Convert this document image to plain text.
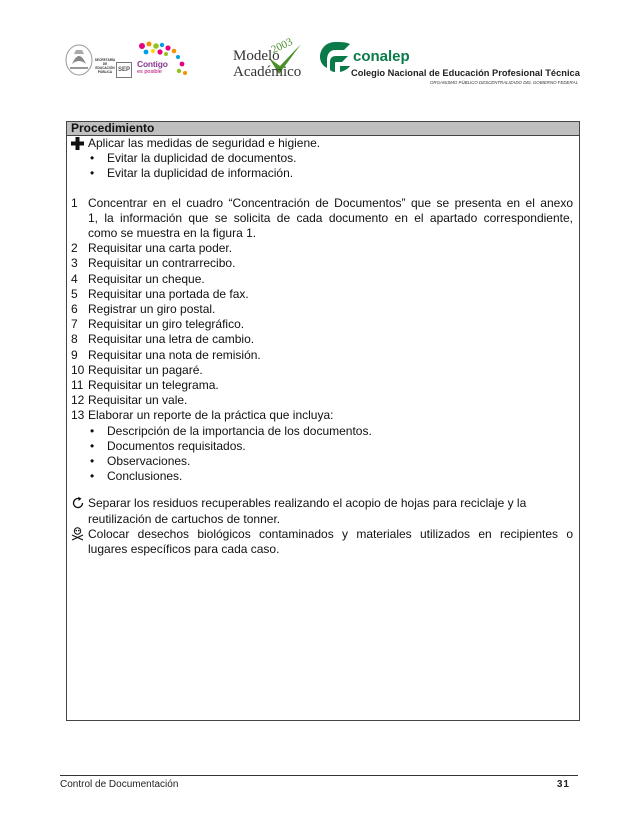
SECRETARÍA DE EDUCACIÓN PÚBLICA SEP
Contigo
es posible
2003
Modelo
Académico
conalep
Colegio Nacional de Educación Profesional Técnica
ORGANISMO PÚBLICO DESCENTRALIZADO DEL GOBIERNO FEDERAL
Procedimiento
Aplicar las medidas de seguridad e higiene.
• Evitar la duplicidad de documentos.
• Evitar la duplicidad de información.
1 Concentrar en el cuadro “Concentración de Documentos” que se presenta en el anexo
1, la información que se solicita de cada documento en el apartado correspondiente,
como se muestra en la figura 1.
2 Requisitar una carta poder.
3 Requisitar un contrarrecibo.
4 Requisitar un cheque.
5 Requisitar una portada de fax.
6 Registrar un giro postal.
7 Requisitar un giro telegráfico.
8 Requisitar una letra de cambio.
9 Requisitar una nota de remisión.
10 Requisitar un pagaré.
11 Requisitar un telegrama.
12 Requisitar un vale.
13 Elaborar un reporte de la práctica que incluya:
• Descripción de la importancia de los documentos.
• Documentos requisitados.
• Observaciones.
• Conclusiones.
Separar los residuos recuperables realizando el acopio de hojas para reciclaje y la
reutilización de cartuchos de tonner.
Colocar desechos biológicos contaminados y materiales utilizados en recipientes o
lugares específicos para cada caso.
Control de Documentación	31
